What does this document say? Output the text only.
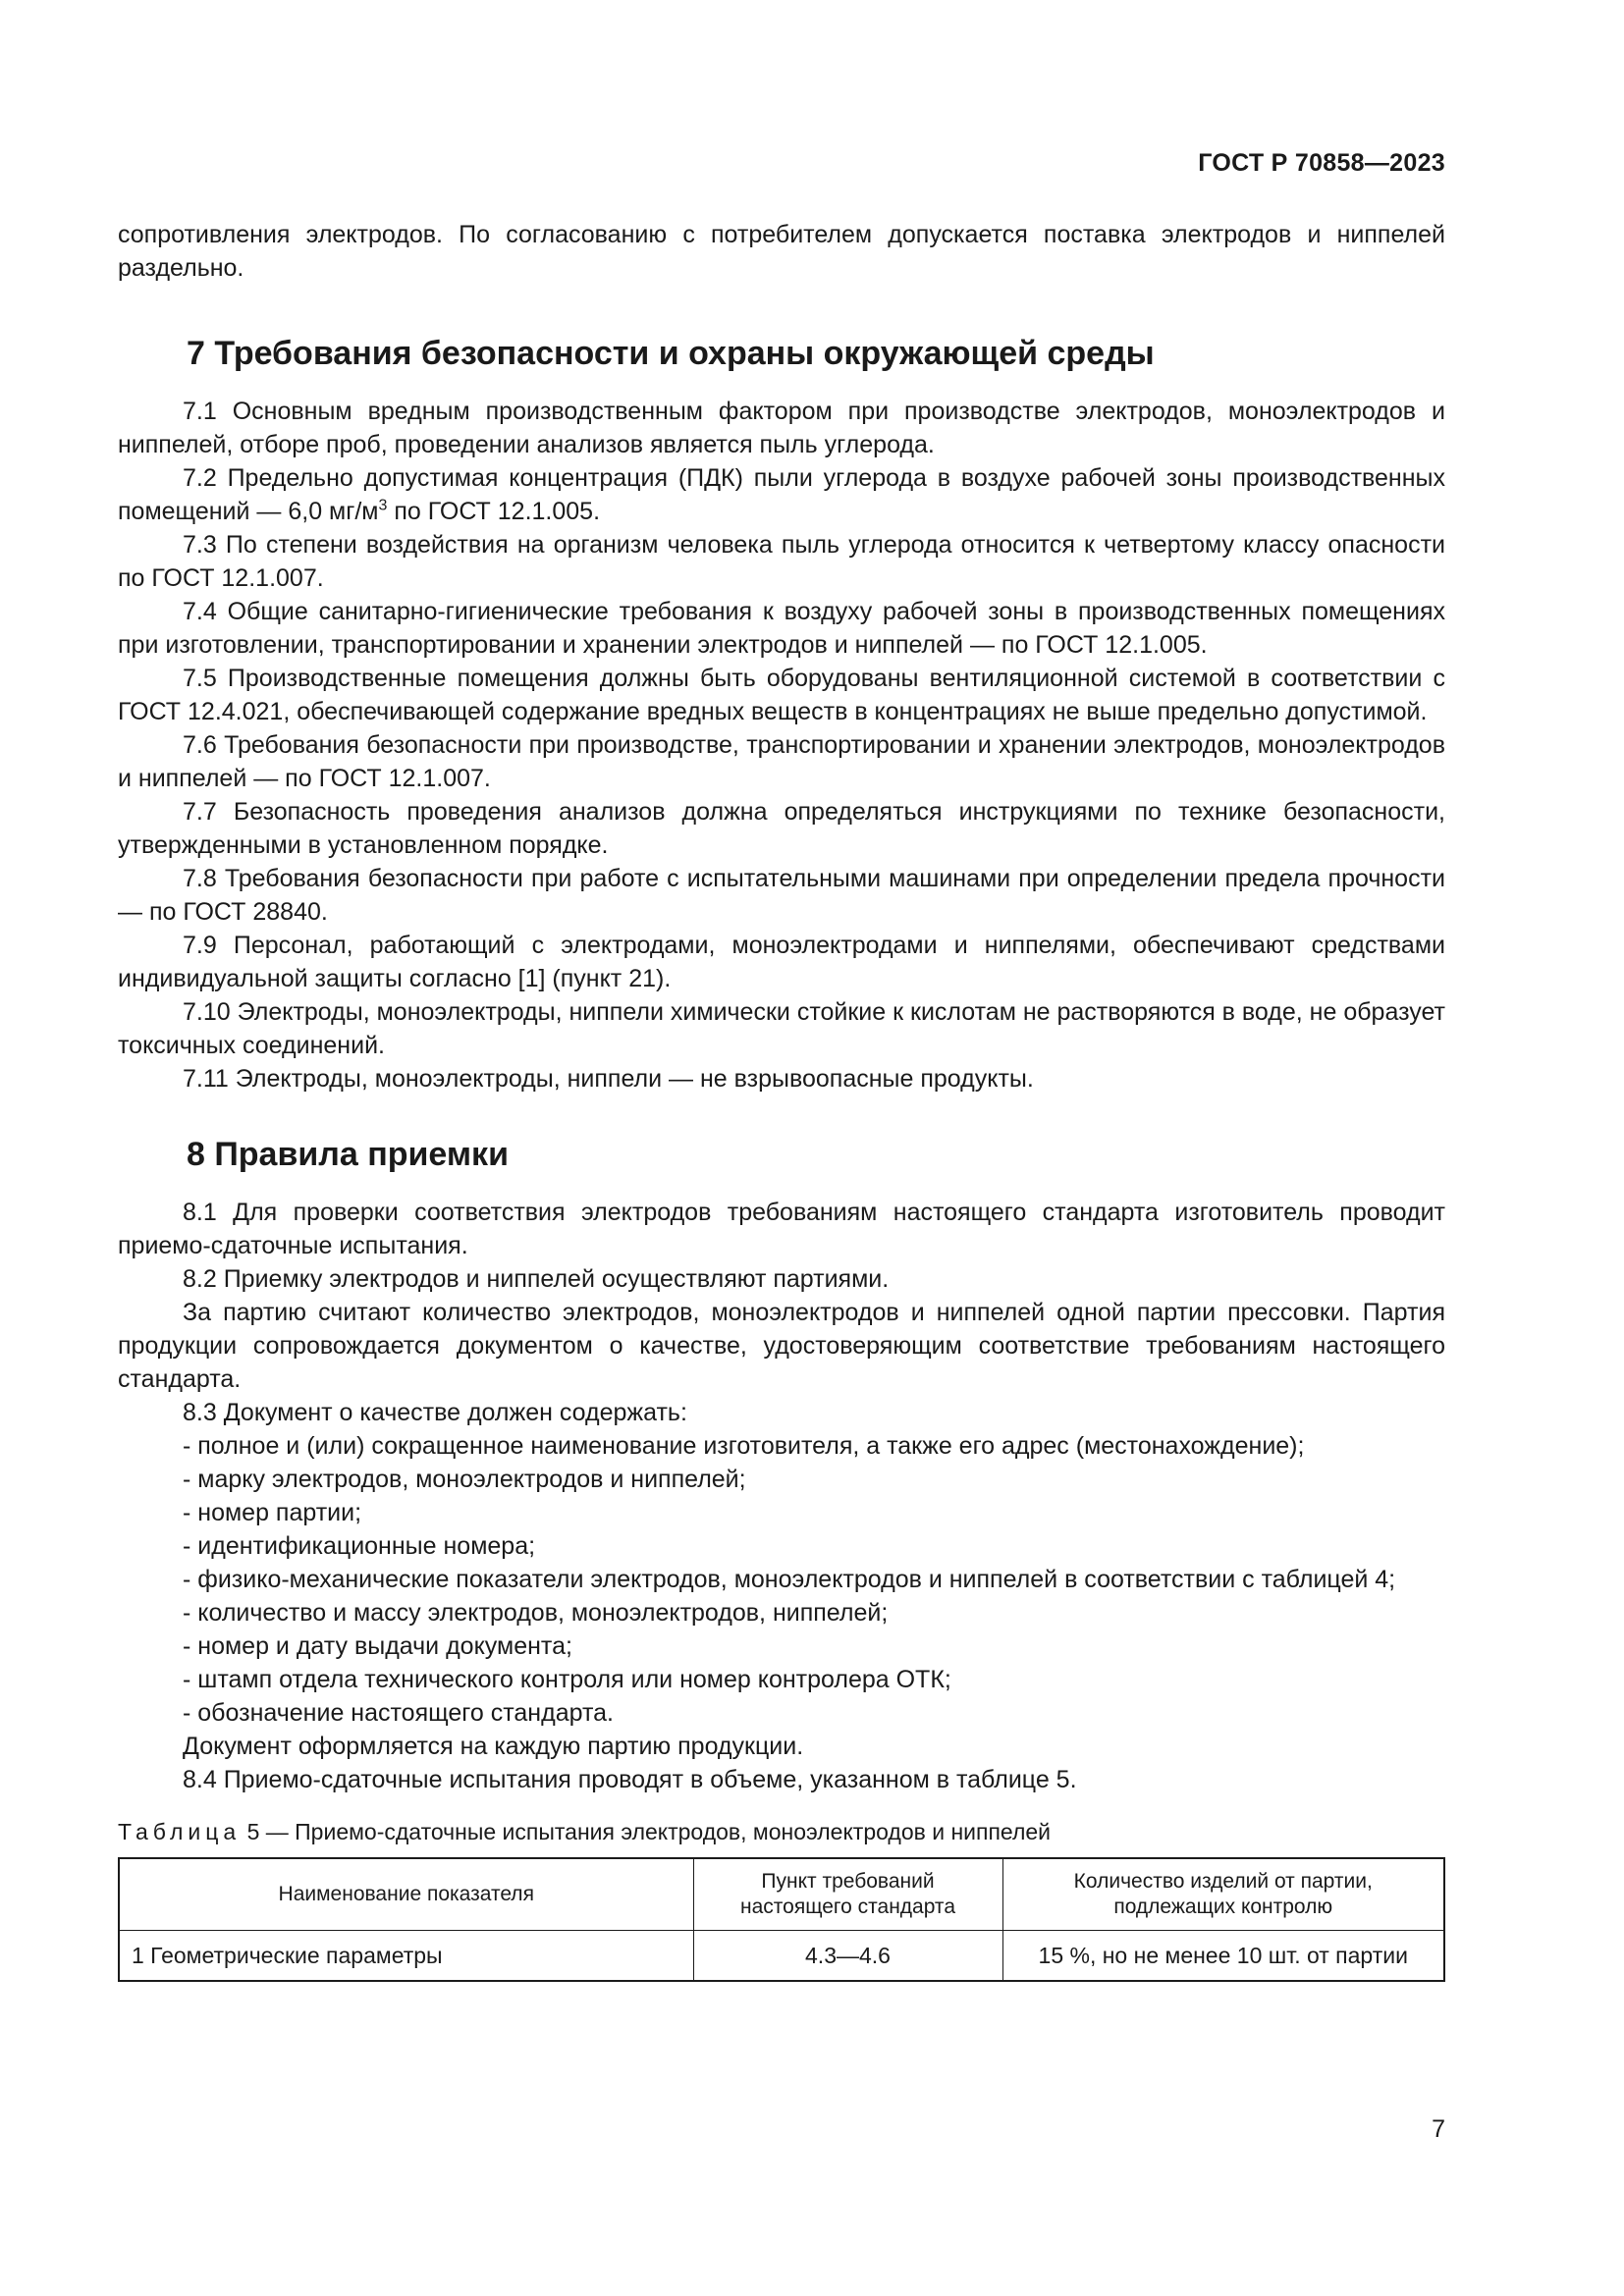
ГОСТ Р 70858—2023

сопротивления электродов. По согласованию с потребителем допускается поставка электродов и ниппелей раздельно.

7 Требования безопасности и охраны окружающей среды

7.1 Основным вредным производственным фактором при производстве электродов, моноэлектродов и ниппелей, отборе проб, проведении анализов является пыль углерода.

7.2 Предельно допустимая концентрация (ПДК) пыли углерода в воздухе рабочей зоны производственных помещений — 6,0 $мг/м^3$ по ГОСТ 12.1.005.

7.3 По степени воздействия на организм человека пыль углерода относится к четвертому классу опасности по ГОСТ 12.1.007.

7.4 Общие санитарно-гигиенические требования к воздуху рабочей зоны в производственных помещениях при изготовлении, транспортировании и хранении электродов и ниппелей — по ГОСТ 12.1.005.

7.5 Производственные помещения должны быть оборудованы вентиляционной системой в соответствии с ГОСТ 12.4.021, обеспечивающей содержание вредных веществ в концентрациях не выше предельно допустимой.

7.6 Требования безопасности при производстве, транспортировании и хранении электродов, моноэлектродов и ниппелей — по ГОСТ 12.1.007.

7.7 Безопасность проведения анализов должна определяться инструкциями по технике безопасности, утвержденными в установленном порядке.

7.8 Требования безопасности при работе с испытательными машинами при определении предела прочности — по ГОСТ 28840.

7.9 Персонал, работающий с электродами, моноэлектродами и ниппелями, обеспечивают средствами индивидуальной защиты согласно [1] (пункт 21).

7.10 Электроды, моноэлектроды, ниппели химически стойкие к кислотам не растворяются в воде, не образует токсичных соединений.

7.11 Электроды, моноэлектроды, ниппели — не взрывоопасные продукты.

8 Правила приемки

8.1 Для проверки соответствия электродов требованиям настоящего стандарта изготовитель проводит приемо-сдаточные испытания.

8.2 Приемку электродов и ниппелей осуществляют партиями.

За партию считают количество электродов, моноэлектродов и ниппелей одной партии прессовки. Партия продукции сопровождается документом о качестве, удостоверяющим соответствие требованиям настоящего стандарта.

8.3 Документ о качестве должен содержать:

- полное и (или) сокращенное наименование изготовителя, а также его адрес (местонахождение);

- марку электродов, моноэлектродов и ниппелей;

- номер партии;

- идентификационные номера;

- физико-механические показатели электродов, моноэлектродов и ниппелей в соответствии с таблицей 4;

- количество и массу электродов, моноэлектродов, ниппелей;

- номер и дату выдачи документа;

- штамп отдела технического контроля или номер контролера ОТК;

- обозначение настоящего стандарта.

Документ оформляется на каждую партию продукции.

8.4 Приемо-сдаточные испытания проводят в объеме, указанном в таблице 5.

Таблица 5 — Приемо-сдаточные испытания электродов, моноэлектродов и ниппелей
Наименование показателя	Пункт требований настоящего стандарта	Количество изделий от партии, подлежащих контролю
1 Геометрические параметры	4.3—4.6	15 %, но не менее 10 шт. от партии
7
